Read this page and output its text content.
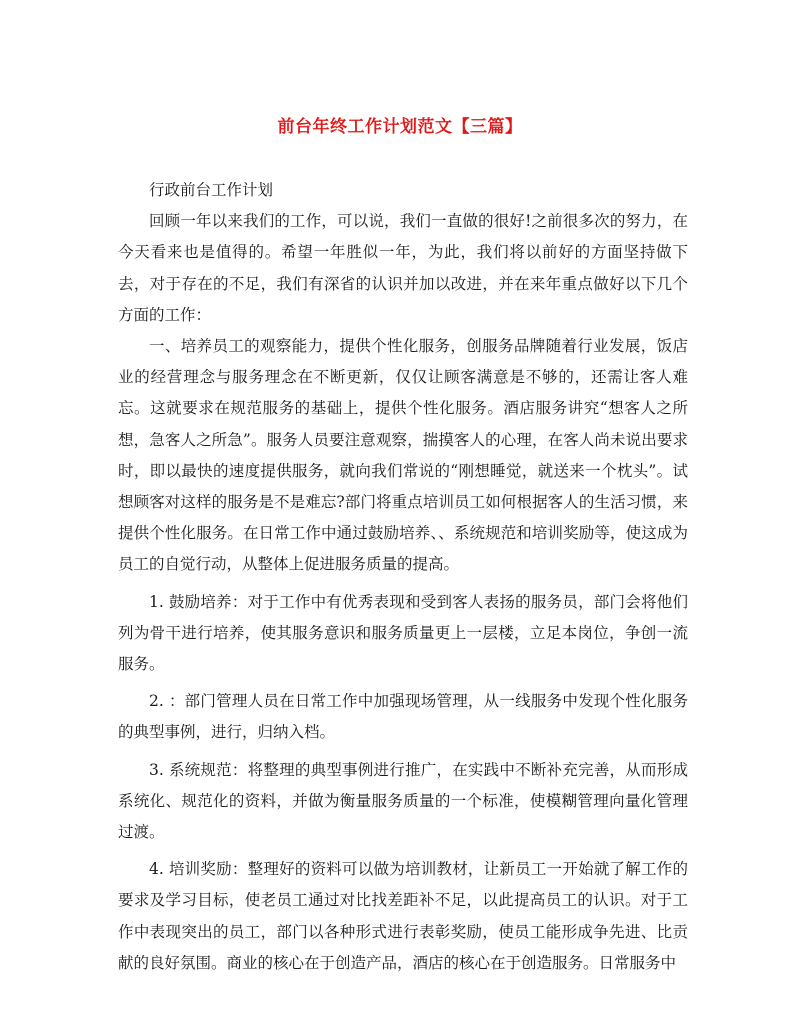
前台年终工作计划范文【三篇】

行政前台工作计划

回顾一年以来我们的工作，可以说，我们一直做的很好!之前很多次的努力，在今天看来也是值得的。希望一年胜似一年，为此，我们将以前好的方面坚持做下去，对于存在的不足，我们有深省的认识并加以改进，并在来年重点做好以下几个方面的工作：

一、培养员工的观察能力，提供个性化服务，创服务品牌随着行业发展，饭店业的经营理念与服务理念在不断更新，仅仅让顾客满意是不够的，还需让客人难忘。这就要求在规范服务的基础上，提供个性化服务。酒店服务讲究“想客人之所想，急客人之所急”。服务人员要注意观察，揣摸客人的心理，在客人尚未说出要求时，即以最快的速度提供服务，就向我们常说的“刚想睡觉，就送来一个枕头”。试想顾客对这样的服务是不是难忘?部门将重点培训员工如何根据客人的生活习惯，来提供个性化服务。在日常工作中通过鼓励培养、、系统规范和培训奖励等，使这成为员工的自觉行动，从整体上促进服务质量的提高。

1. 鼓励培养：对于工作中有优秀表现和受到客人表扬的服务员，部门会将他们列为骨干进行培养，使其服务意识和服务质量更上一层楼，立足本岗位，争创一流服务。

2. ：部门管理人员在日常工作中加强现场管理，从一线服务中发现个性化服务的典型事例，进行，归纳入档。

3. 系统规范：将整理的典型事例进行推广，在实践中不断补充完善，从而形成系统化、规范化的资料，并做为衡量服务质量的一个标准，使模糊管理向量化管理过渡。

4. 培训奖励：整理好的资料可以做为培训教材，让新员工一开始就了解工作的要求及学习目标，使老员工通过对比找差距补不足，以此提高员工的认识。对于工作中表现突出的员工，部门以各种形式进行表彰奖励，使员工能形成争先进、比贡献的良好氛围。商业的核心在于创造产品，酒店的核心在于创造服务。日常服务中
